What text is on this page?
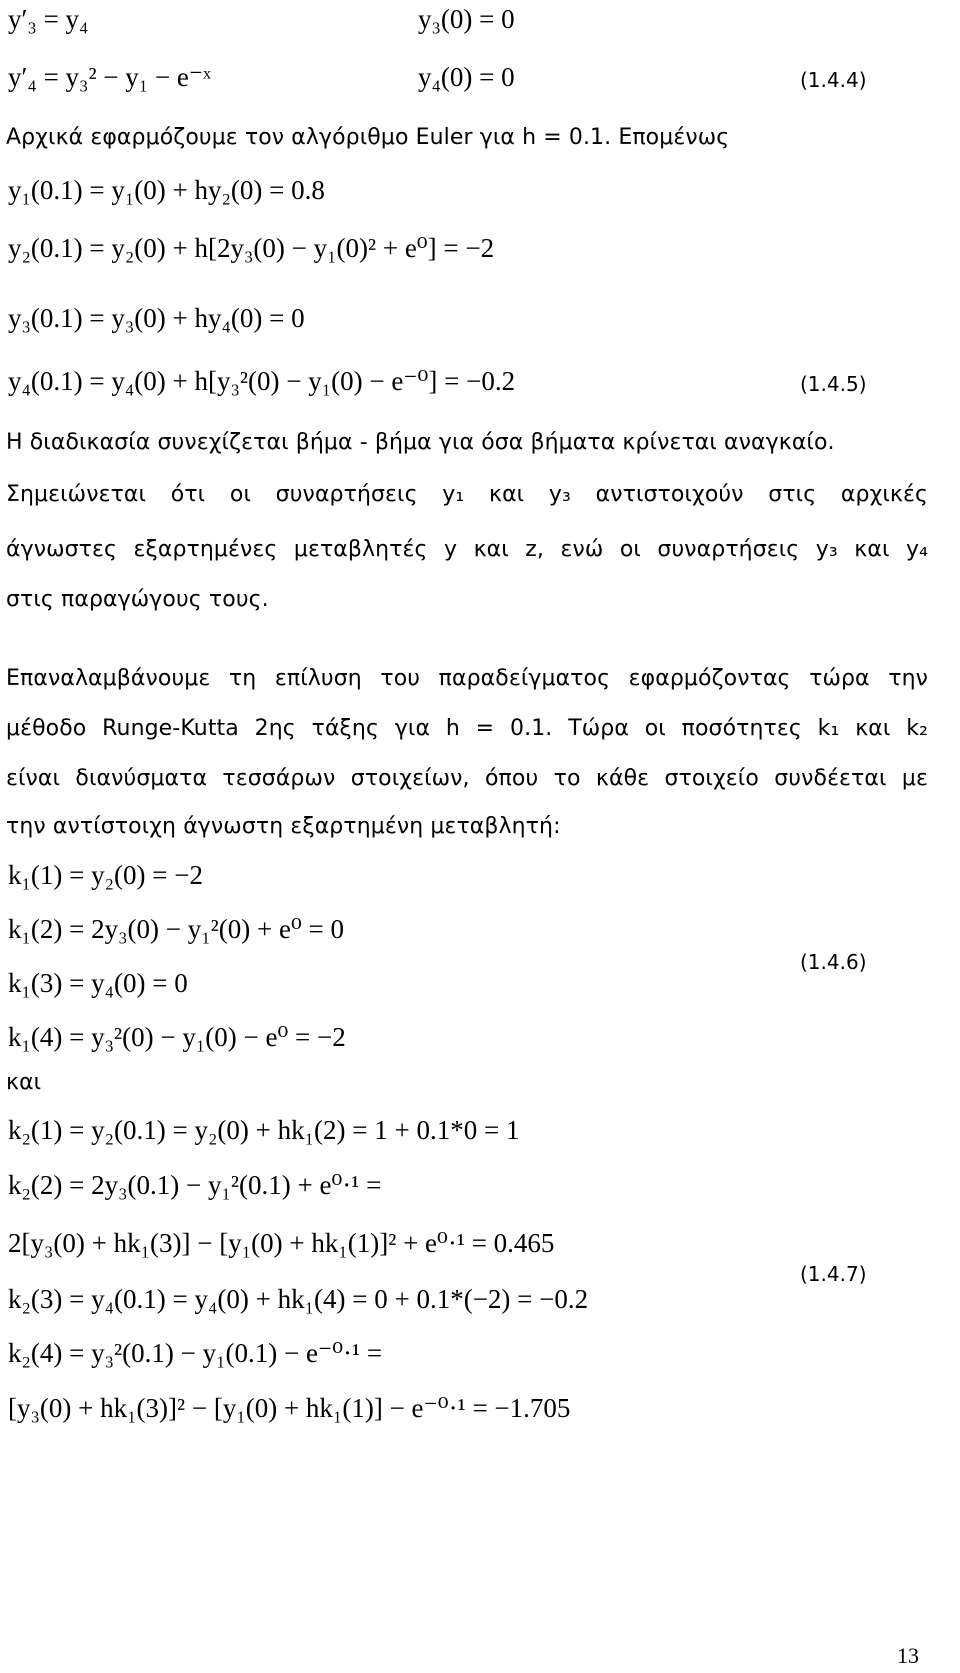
y′₃ = y₄	y₃(0) = 0
y′₄ = y₃² − y₁ − e⁻ˣ	y₄(0) = 0	(1.4.4)
Αρχικά εφαρμόζουμε τον αλγόριθμο Euler για h = 0.1. Επομένως
y₁(0.1) = y₁(0) + hy₂(0) = 0.8
y₂(0.1) = y₂(0) + h[2y₃(0) − y₁(0)² + e⁰] = −2
y₃(0.1) = y₃(0) + hy₄(0) = 0
y₄(0.1) = y₄(0) + h[y₃²(0) − y₁(0) − e⁻⁰] = −0.2	(1.4.5)
Η διαδικασία συνεχίζεται βήμα - βήμα για όσα βήματα κρίνεται αναγκαίο.
Σημειώνεται ότι οι συναρτήσεις y₁ και y₃ αντιστοιχούν στις αρχικές
άγνωστες εξαρτημένες μεταβλητές y και z, ενώ οι συναρτήσεις y₃ και y₄
στις παραγώγους τους.
Επαναλαμβάνουμε τη επίλυση του παραδείγματος εφαρμόζοντας τώρα την
μέθοδο Runge-Kutta 2ης τάξης για h = 0.1. Τώρα οι ποσότητες k₁ και k₂
είναι διανύσματα τεσσάρων στοιχείων, όπου το κάθε στοιχείο συνδέεται με
την αντίστοιχη άγνωστη εξαρτημένη μεταβλητή:
k₁(1) = y₂(0) = −2
k₁(2) = 2y₃(0) − y₁²(0) + e⁰ = 0
k₁(3) = y₄(0) = 0
k₁(4) = y₃²(0) − y₁(0) − e⁰ = −2
(1.4.6)
και
k₂(1) = y₂(0.1) = y₂(0) + hk₁(2) = 1 + 0.1*0 = 1
k₂(2) = 2y₃(0.1) − y₁²(0.1) + e⁰·¹ =
2[y₃(0) + hk₁(3)] − [y₁(0) + hk₁(1)]² + e⁰·¹ = 0.465
k₂(3) = y₄(0.1) = y₄(0) + hk₁(4) = 0 + 0.1*(−2) = −0.2
k₂(4) = y₃²(0.1) − y₁(0.1) − e⁻⁰·¹ =
[y₃(0) + hk₁(3)]² − [y₁(0) + hk₁(1)] − e⁻⁰·¹ = −1.705
(1.4.7)
13
